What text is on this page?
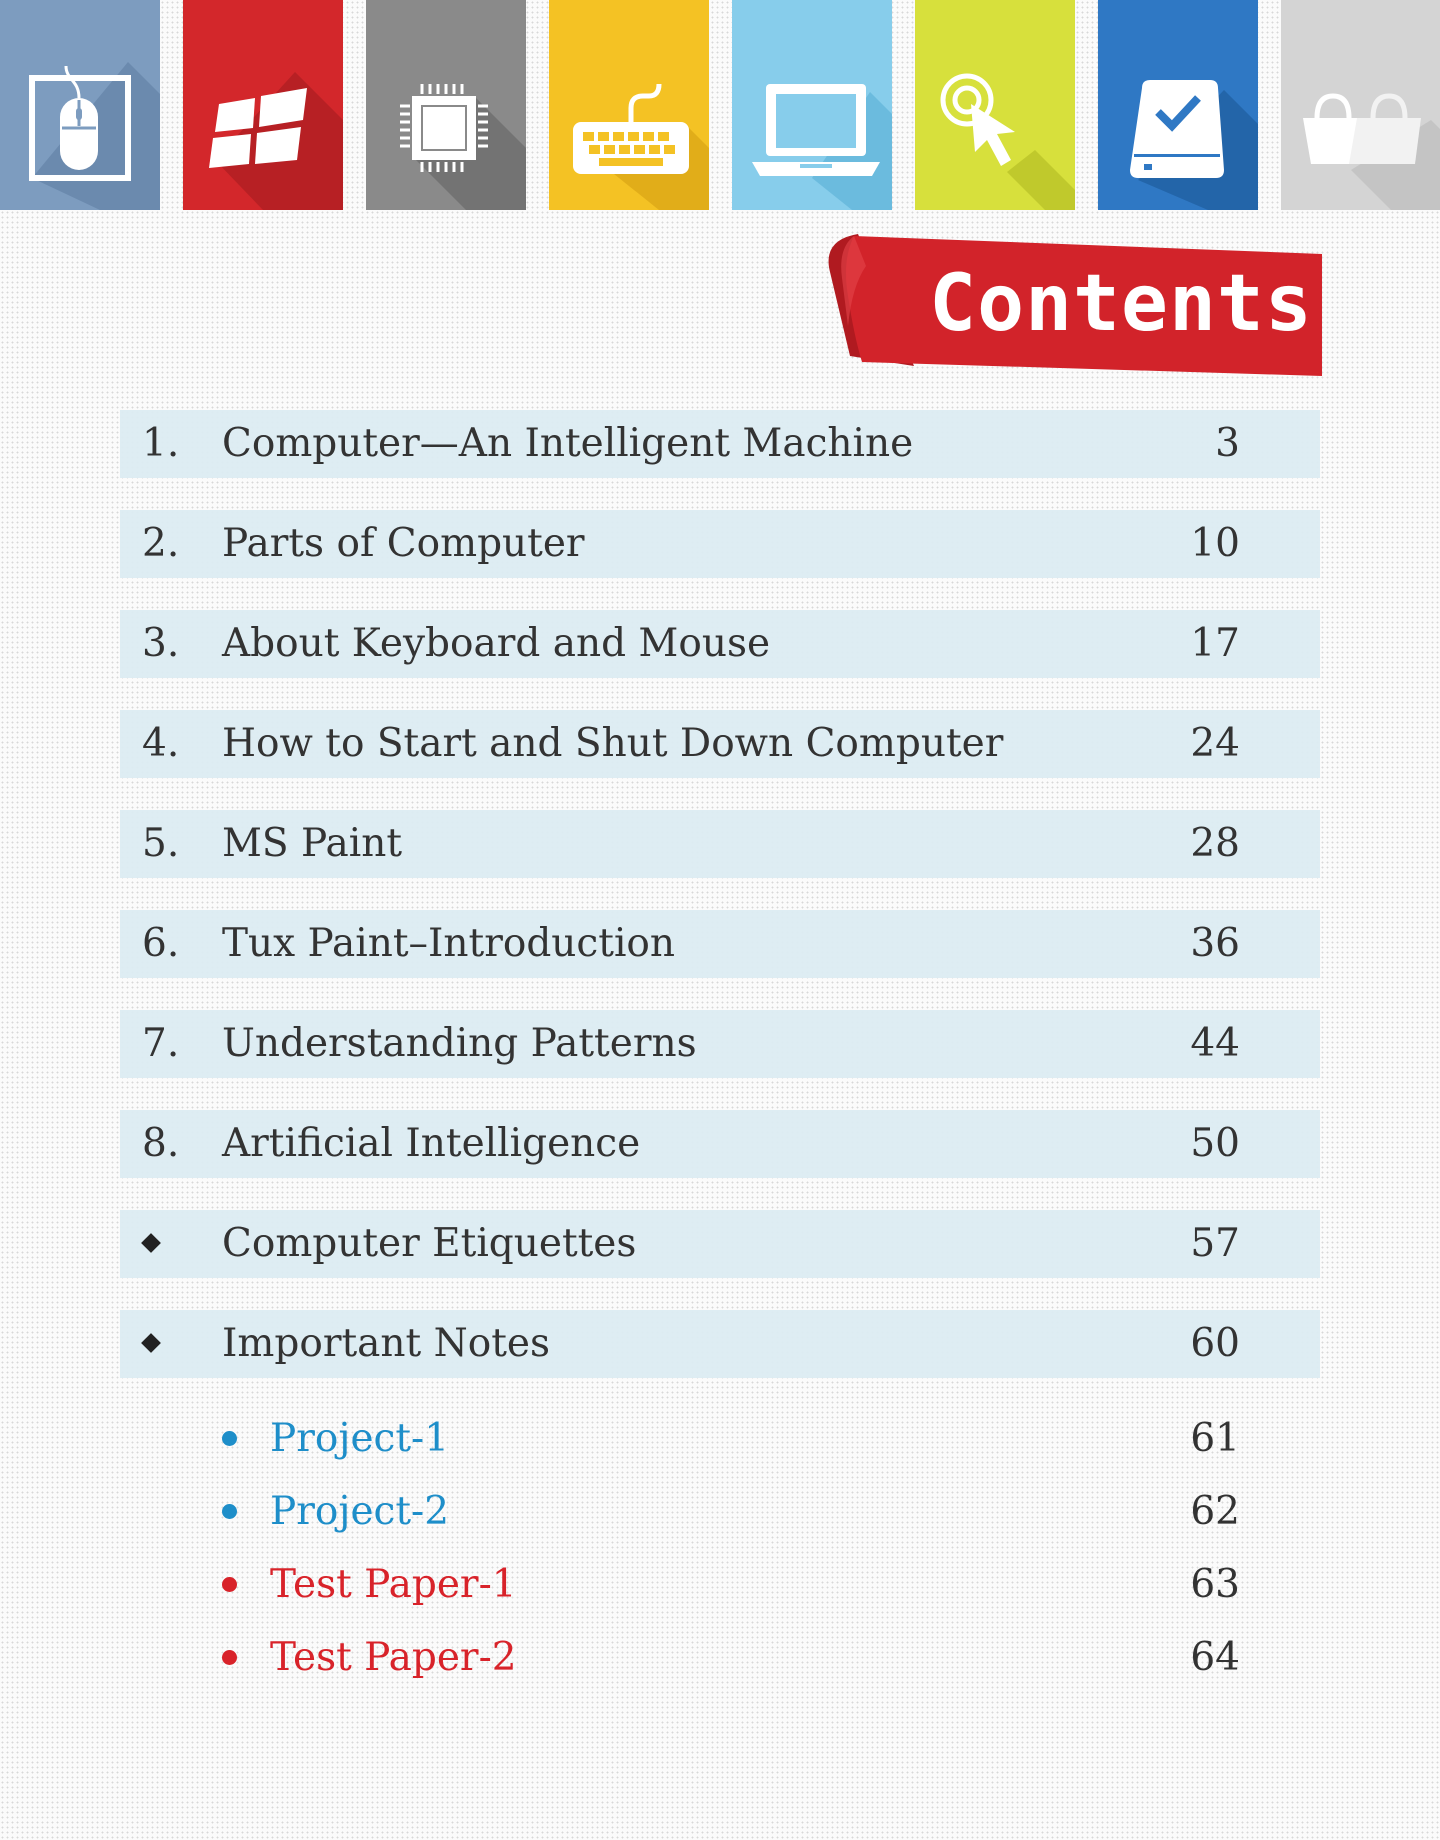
Contents
1. Computer—An Intelligent Machine	3
2. Parts of Computer	10
3. About Keyboard and Mouse	17
4. How to Start and Shut Down Computer	24
5. MS Paint	28
6. Tux Paint–Introduction	36
7. Understanding Patterns	44
8. Artificial Intelligence	50
Computer Etiquettes	57
Important Notes	60
Project-1	61
Project-2	62
Test Paper-1	63
Test Paper-2	64
